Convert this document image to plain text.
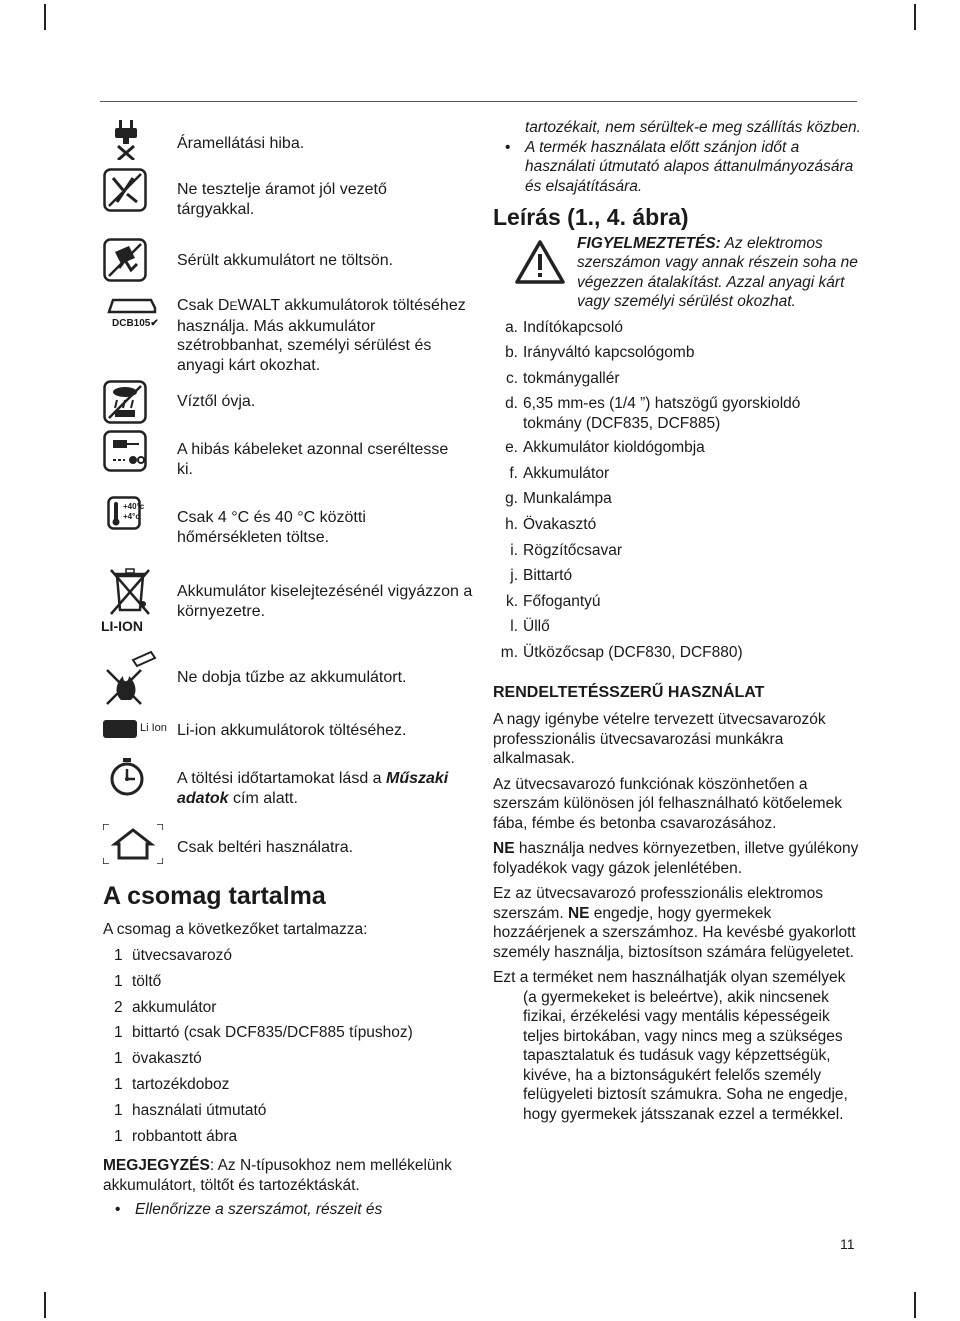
Áramellátási hiba.
Ne tesztelje áramot jól vezető tárgyakkal.
Sérült akkumulátort ne töltsön.
DCB105✔
Csak DEWALT akkumulátorok töltéséhez használja. Más akkumulátor szétrobbanhat, személyi sérülést és anyagi kárt okozhat.
Víztől óvja.
A hibás kábeleket azonnal cseréltesse ki.
+40°c
+4°c Csak 4 °C és 40 °C közötti hőmérsékleten töltse.
LI-ION
Akkumulátor kiselejtezésénél vigyázzon a környezetre.
Ne dobja tűzbe az akkumulátort.
Li Ion Li-ion akkumulátorok töltéséhez.
A töltési időtartamokat lásd a Műszaki adatok cím alatt.
Csak beltéri használatra.
A csomag tartalma
A csomag a következőket tartalmazza:
1 ütvecsavarozó
1 töltő
2 akkumulátor
1 bittartó (csak DCF835/DCF885 típushoz)
1 övakasztó
1 tartozékdoboz
1 használati útmutató
1 robbantott ábra
MEGJEGYZÉS: Az N-típusokhoz nem mellékelünk akkumulátort, töltőt és tartozéktáskát.
• Ellenőrizze a szerszámot, részeit és
tartozékait, nem sérültek-e meg szállítás közben.
• A termék használata előtt szánjon időt a használati útmutató alapos áttanulmányozására és elsajátítására.
Leírás (1., 4. ábra)
FIGYELMEZTETÉS: Az elektromos szerszámon vagy annak részein soha ne végezzen átalakítást. Azzal anyagi kárt vagy személyi sérülést okozhat.
a. Indítókapcsoló
b. Irányváltó kapcsológomb
c. tokmánygallér
d. 6,35 mm-es (1/4 ”) hatszögű gyorskioldó tokmány (DCF835, DCF885)
e. Akkumulátor kioldógombja
f. Akkumulátor
g. Munkalámpa
h. Övakasztó
i. Rögzítőcsavar
j. Bittartó
k. Főfogantyú
l. Üllő
m. Ütközőcsap (DCF830, DCF880)
RENDELTETÉSSZERŰ HASZNÁLAT

A nagy igénybe vételre tervezett ütvecsavarozók professzionális ütvecsavarozási munkákra alkalmasak.

Az ütvecsavarozó funkciónak köszönhetően a szerszám különösen jól felhasználható kötőelemek fába, fémbe és betonba csavarozásához.

NE használja nedves környezetben, illetve gyúlékony folyadékok vagy gázok jelenlétében.

Ez az ütvecsavarozó professzionális elektromos szerszám. NE engedje, hogy gyermekek hozzáérjenek a szerszámhoz. Ha kevésbé gyakorlott személy használja, biztosítson számára felügyeletet.

Ezt a terméket nem használhatják olyan személyek (a gyermekeket is beleértve), akik nincsenek fizikai, érzékelési vagy mentális képességeik teljes birtokában, vagy nincs meg a szükséges tapasztalatuk és tudásuk vagy képzettségük, kivéve, ha a biztonságukért felelős személy felügyeleti biztosít számukra. Soha ne engedje, hogy gyermekek játsszanak ezzel a termékkel.

11
